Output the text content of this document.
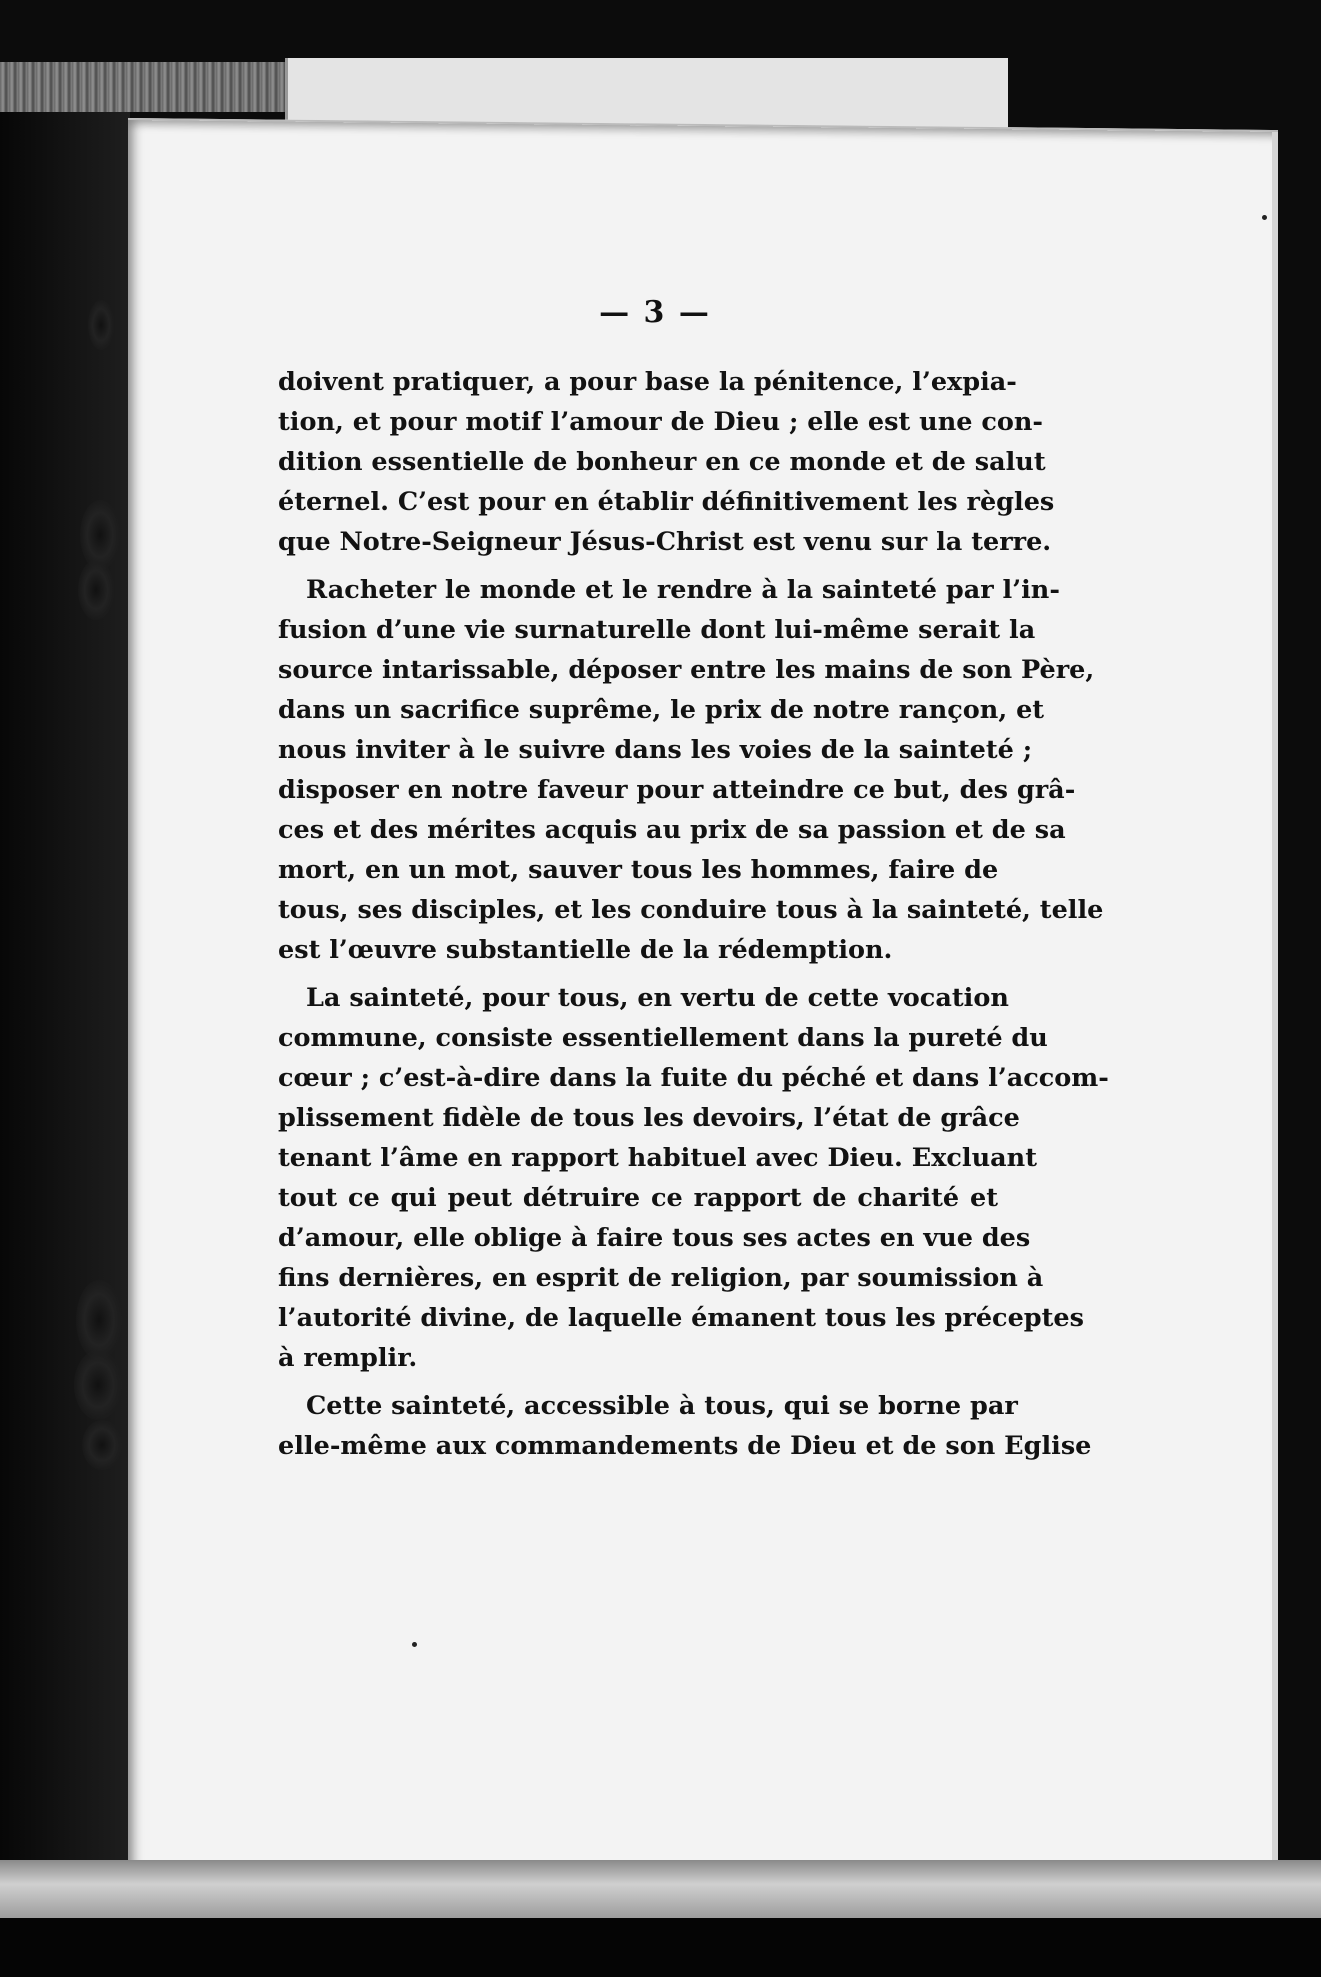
— 3 —
doivent pratiquer, a pour base la pénitence, l’expia-
tion, et pour motif l’amour de Dieu ; elle est une con-
dition essentielle de bonheur en ce monde et de salut
éternel. C’est pour en établir définitivement les règles
que Notre-Seigneur Jésus-Christ est venu sur la terre.
Racheter le monde et le rendre à la sainteté par l’in-
fusion d’une vie surnaturelle dont lui-même serait la
source intarissable, déposer entre les mains de son Père,
dans un sacrifice suprême, le prix de notre rançon, et
nous inviter à le suivre dans les voies de la sainteté ;
disposer en notre faveur pour atteindre ce but, des grâ-
ces et des mérites acquis au prix de sa passion et de sa
mort, en un mot, sauver tous les hommes, faire de
tous, ses disciples, et les conduire tous à la sainteté, telle
est l’œuvre substantielle de la rédemption.
La sainteté, pour tous, en vertu de cette vocation
commune, consiste essentiellement dans la pureté du
cœur ; c’est-à-dire dans la fuite du péché et dans l’accom-
plissement fidèle de tous les devoirs, l’état de grâce
tenant l’âme en rapport habituel avec Dieu. Excluant
tout ce qui peut détruire ce rapport de charité et
d’amour, elle oblige à faire tous ses actes en vue des
fins dernières, en esprit de religion, par soumission à
l’autorité divine, de laquelle émanent tous les préceptes
à remplir.
Cette sainteté, accessible à tous, qui se borne par
elle-même aux commandements de Dieu et de son Eglise
